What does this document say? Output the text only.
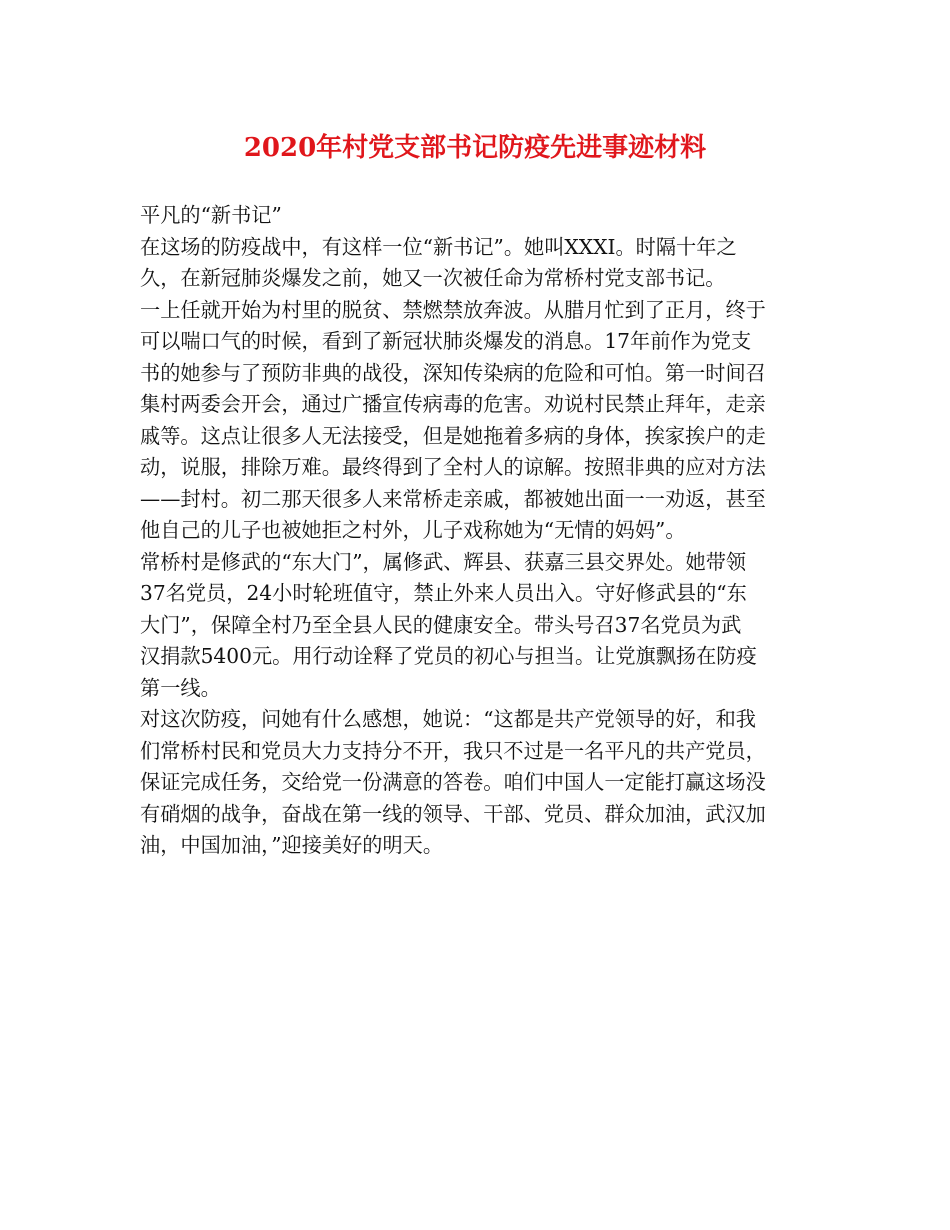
2020年村党支部书记防疫先进事迹材料
平凡的“新书记”
在这场的防疫战中，有这样一位“新书记”。她叫XXXI。时隔十年之
久，在新冠肺炎爆发之前，她又一次被任命为常桥村党支部书记。
一上任就开始为村里的脱贫、禁燃禁放奔波。从腊月忙到了正月，终于
可以喘口气的时候，看到了新冠状肺炎爆发的消息。17年前作为党支
书的她参与了预防非典的战役，深知传染病的危险和可怕。第一时间召
集村两委会开会，通过广播宣传病毒的危害。劝说村民禁止拜年，走亲
戚等。这点让很多人无法接受，但是她拖着多病的身体，挨家挨户的走
动，说服，排除万难。最终得到了全村人的谅解。按照非典的应对方法
——封村。初二那天很多人来常桥走亲戚，都被她出面一一劝返，甚至
他自己的儿子也被她拒之村外，儿子戏称她为“无情的妈妈”。
常桥村是修武的“东大门”，属修武、辉县、获嘉三县交界处。她带领
37名党员，24小时轮班值守，禁止外来人员出入。守好修武县的“东
大门”，保障全村乃至全县人民的健康安全。带头号召37名党员为武
汉捐款5400元。用行动诠释了党员的初心与担当。让党旗飘扬在防疫
第一线。
对这次防疫，问她有什么感想，她说：“这都是共产党领导的好，和我
们常桥村民和党员大力支持分不开，我只不过是一名平凡的共产党员，
保证完成任务，交给党一份满意的答卷。咱们中国人一定能打赢这场没
有硝烟的战争，奋战在第一线的领导、干部、党员、群众加油，武汉加
油，中国加油，”迎接美好的明天。
